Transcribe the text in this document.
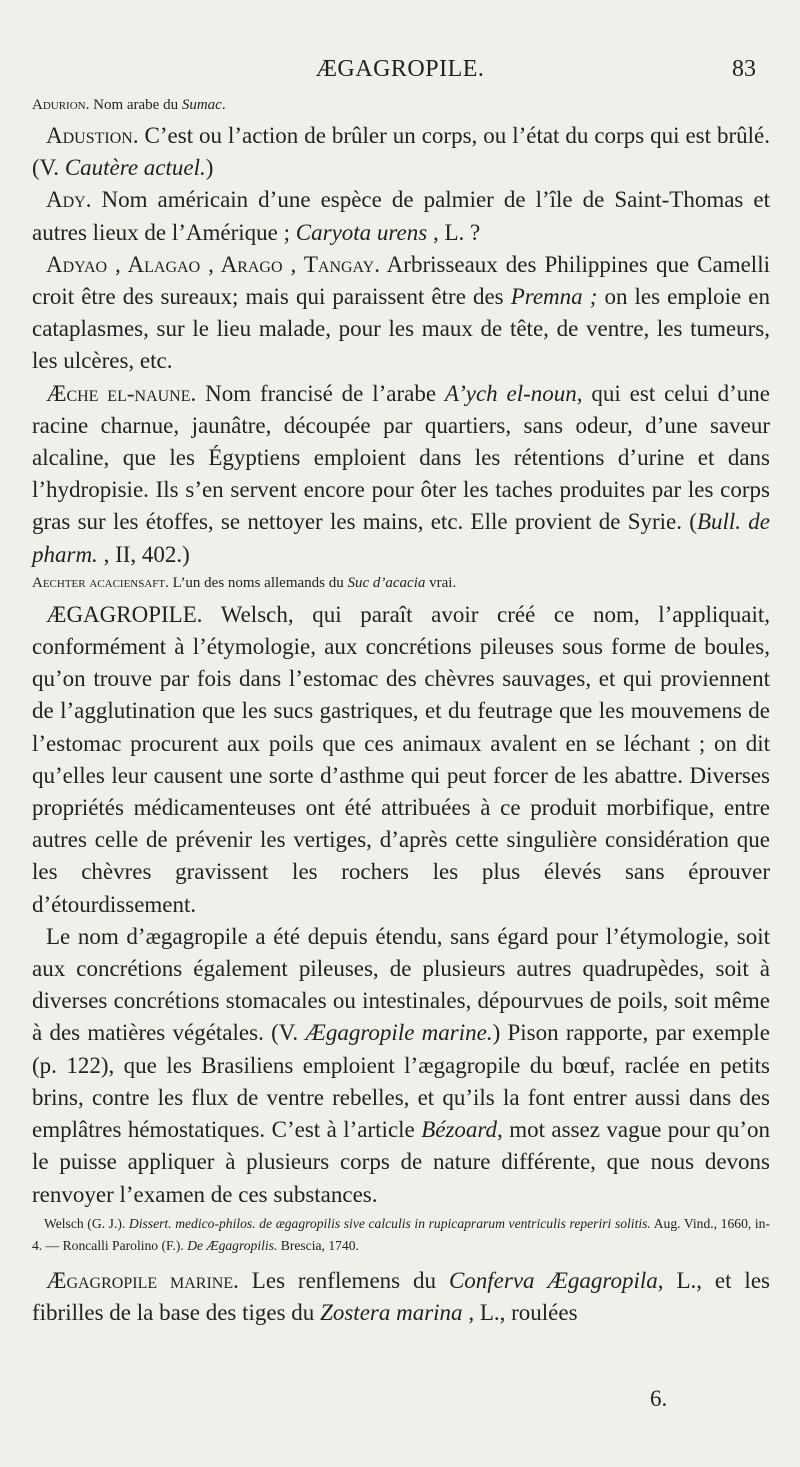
ÆGAGROPILE.	83

Adurion. Nom arabe du Sumac.

Adustion. C’est ou l’action de brûler un corps, ou l’état du corps qui est brûlé. (V. Cautère actuel.)

Ady. Nom américain d’une espèce de palmier de l’île de Saint-Thomas et autres lieux de l’Amérique ; Caryota urens , L. ?

Adyao , Alagao , Arago , Tangay. Arbrisseaux des Philippines que Camelli croit être des sureaux; mais qui paraissent être des Premna ; on les emploie en cataplasmes, sur le lieu malade, pour les maux de tête, de ventre, les tumeurs, les ulcères, etc.

Æche el-naune. Nom francisé de l’arabe A’ych el-noun, qui est celui d’une racine charnue, jaunâtre, découpée par quartiers, sans odeur, d’une saveur alcaline, que les Égyptiens emploient dans les rétentions d’urine et dans l’hydropisie. Ils s’en servent encore pour ôter les taches produites par les corps gras sur les étoffes, se nettoyer les mains, etc. Elle provient de Syrie. (Bull. de pharm. , II, 402.)

Aechter acaciensaft. L’un des noms allemands du Suc d’acacia vrai.

ÆGAGROPILE. Welsch, qui paraît avoir créé ce nom, l’appliquait, conformément à l’étymologie, aux concrétions pileuses sous forme de boules, qu’on trouve par fois dans l’estomac des chèvres sauvages, et qui proviennent de l’agglutination que les sucs gastriques, et du feutrage que les mouvemens de l’estomac procurent aux poils que ces animaux avalent en se léchant ; on dit qu’elles leur causent une sorte d’asthme qui peut forcer de les abattre. Diverses propriétés médicamenteuses ont été attribuées à ce produit morbifique, entre autres celle de prévenir les vertiges, d’après cette singulière considération que les chèvres gravissent les rochers les plus élevés sans éprouver d’étourdissement.

Le nom d’ægagropile a été depuis étendu, sans égard pour l’étymologie, soit aux concrétions également pileuses, de plusieurs autres quadrupèdes, soit à diverses concrétions stomacales ou intestinales, dépourvues de poils, soit même à des matières végétales. (V. Ægagropile marine.) Pison rapporte, par exemple (p. 122), que les Brasiliens emploient l’ægagropile du bœuf, raclée en petits brins, contre les flux de ventre rebelles, et qu’ils la font entrer aussi dans des emplâtres hémostatiques. C’est à l’article Bézoard, mot assez vague pour qu’on le puisse appliquer à plusieurs corps de nature différente, que nous devons renvoyer l’examen de ces substances.

Welsch (G. J.). Dissert. medico-philos. de ægagropilis sive calculis in rupicaprarum ventriculis reperiri solitis. Aug. Vind., 1660, in-4. — Roncalli Parolino (F.). De Ægagropilis. Brescia, 1740.

Ægagropile marine. Les renflemens du Conferva Ægagropila, L., et les fibrilles de la base des tiges du Zostera marina , L., roulées

6.
